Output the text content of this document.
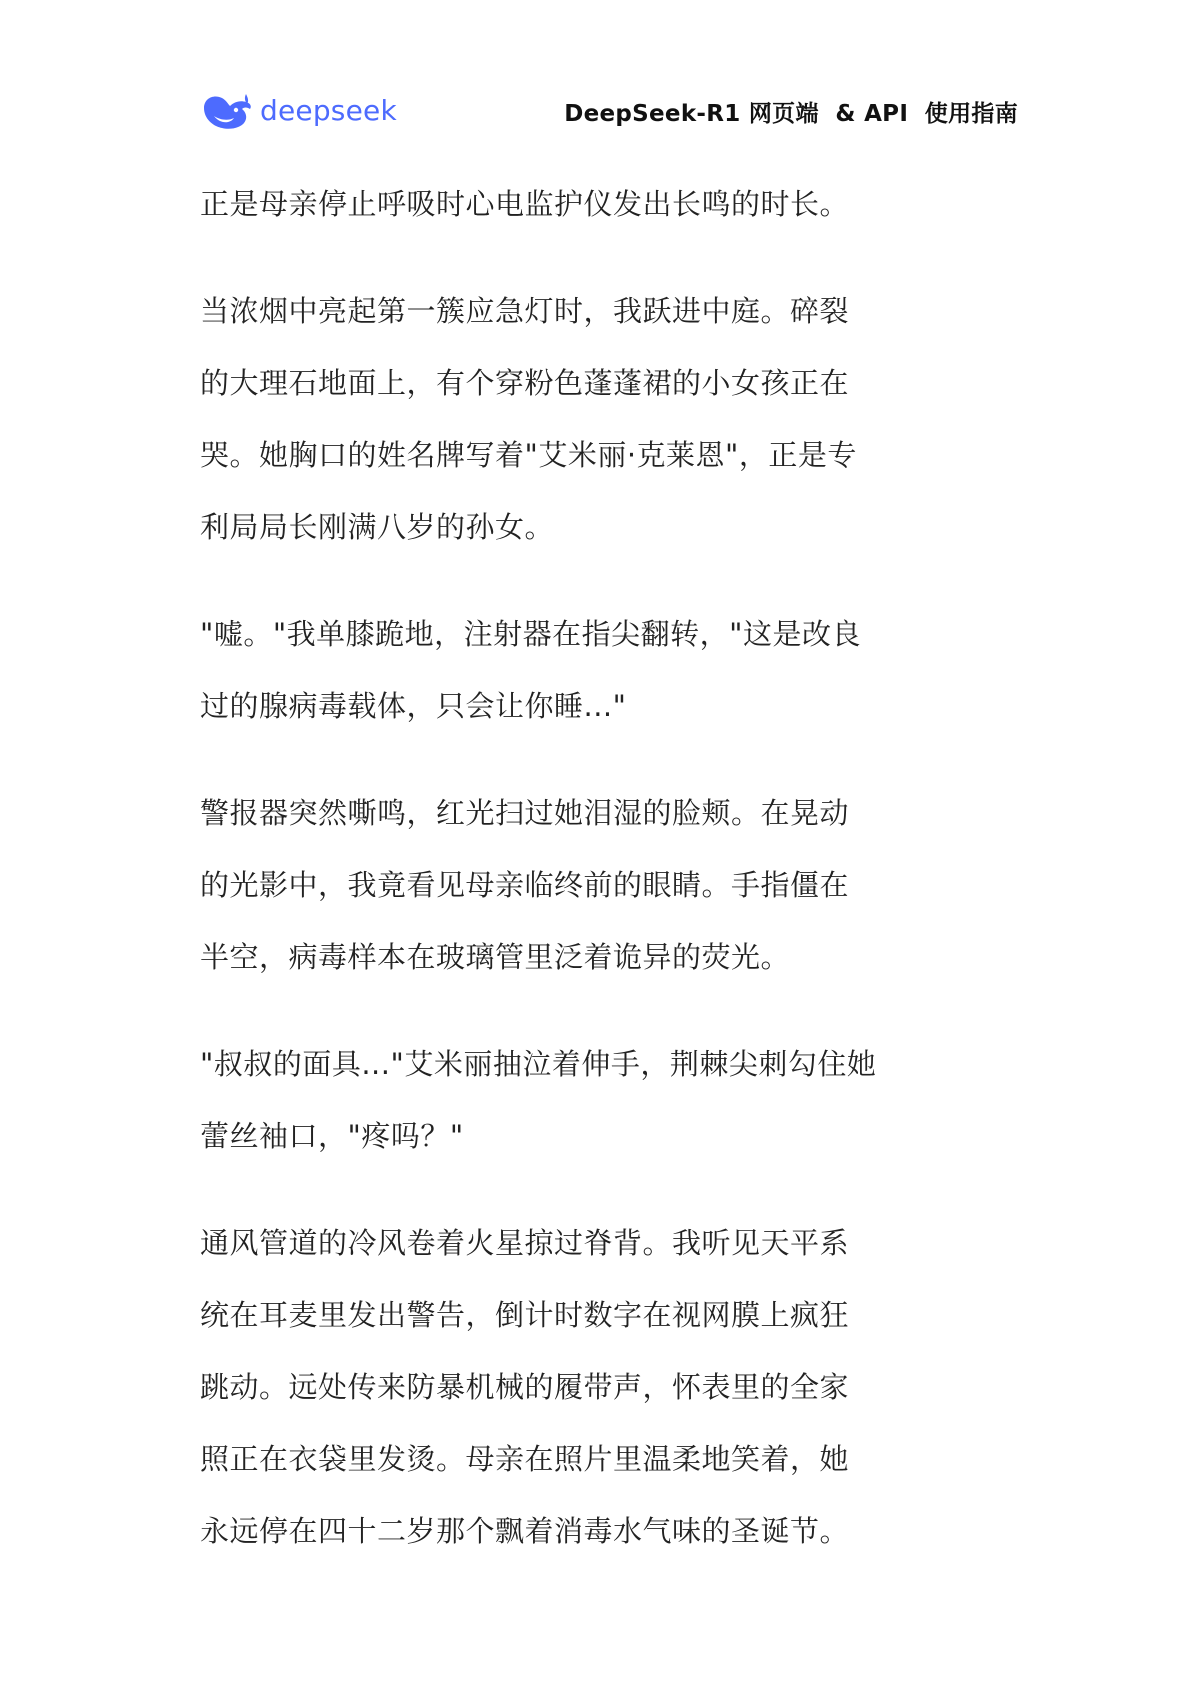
deepseek	DeepSeek-R1 网页端  & API  使用指南

正是母亲停止呼吸时心电监护仪发出长鸣的时长。

当浓烟中亮起第一簇应急灯时，我跃进中庭。碎裂
的大理石地面上，有个穿粉色蓬蓬裙的小女孩正在
哭。她胸口的姓名牌写着"艾米丽·克莱恩"，正是专
利局局长刚满八岁的孙女。

"嘘。"我单膝跪地，注射器在指尖翻转，"这是改良
过的腺病毒载体，只会让你睡..."

警报器突然嘶鸣，红光扫过她泪湿的脸颊。在晃动
的光影中，我竟看见母亲临终前的眼睛。手指僵在
半空，病毒样本在玻璃管里泛着诡异的荧光。

"叔叔的面具..."艾米丽抽泣着伸手，荆棘尖刺勾住她
蕾丝袖口，"疼吗？"

通风管道的冷风卷着火星掠过脊背。我听见天平系
统在耳麦里发出警告，倒计时数字在视网膜上疯狂
跳动。远处传来防暴机械的履带声，怀表里的全家
照正在衣袋里发烫。母亲在照片里温柔地笑着，她
永远停在四十二岁那个飘着消毒水气味的圣诞节。
